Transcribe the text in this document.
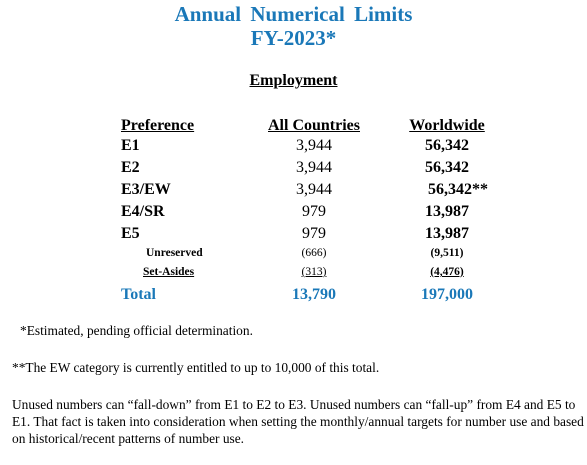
Annual Numerical Limits
FY-2023*
Employment
Preference	All Countries	Worldwide
E1	3,944	56,342
E2	3,944	56,342
E3/EW	3,944	56,342**
E4/SR	979	13,987
E5	979	13,987
Unreserved	(666)	(9,511)
Set-Asides	(313)	(4,476)
Total	13,790	197,000
*Estimated, pending official determination.
**The EW category is currently entitled to up to 10,000 of this total.
Unused numbers can “fall-down” from E1 to E2 to E3. Unused numbers can “fall-up” from E4 and E5 to E1. That fact is taken into consideration when setting the monthly/annual targets for number use and based on historical/recent patterns of number use.
